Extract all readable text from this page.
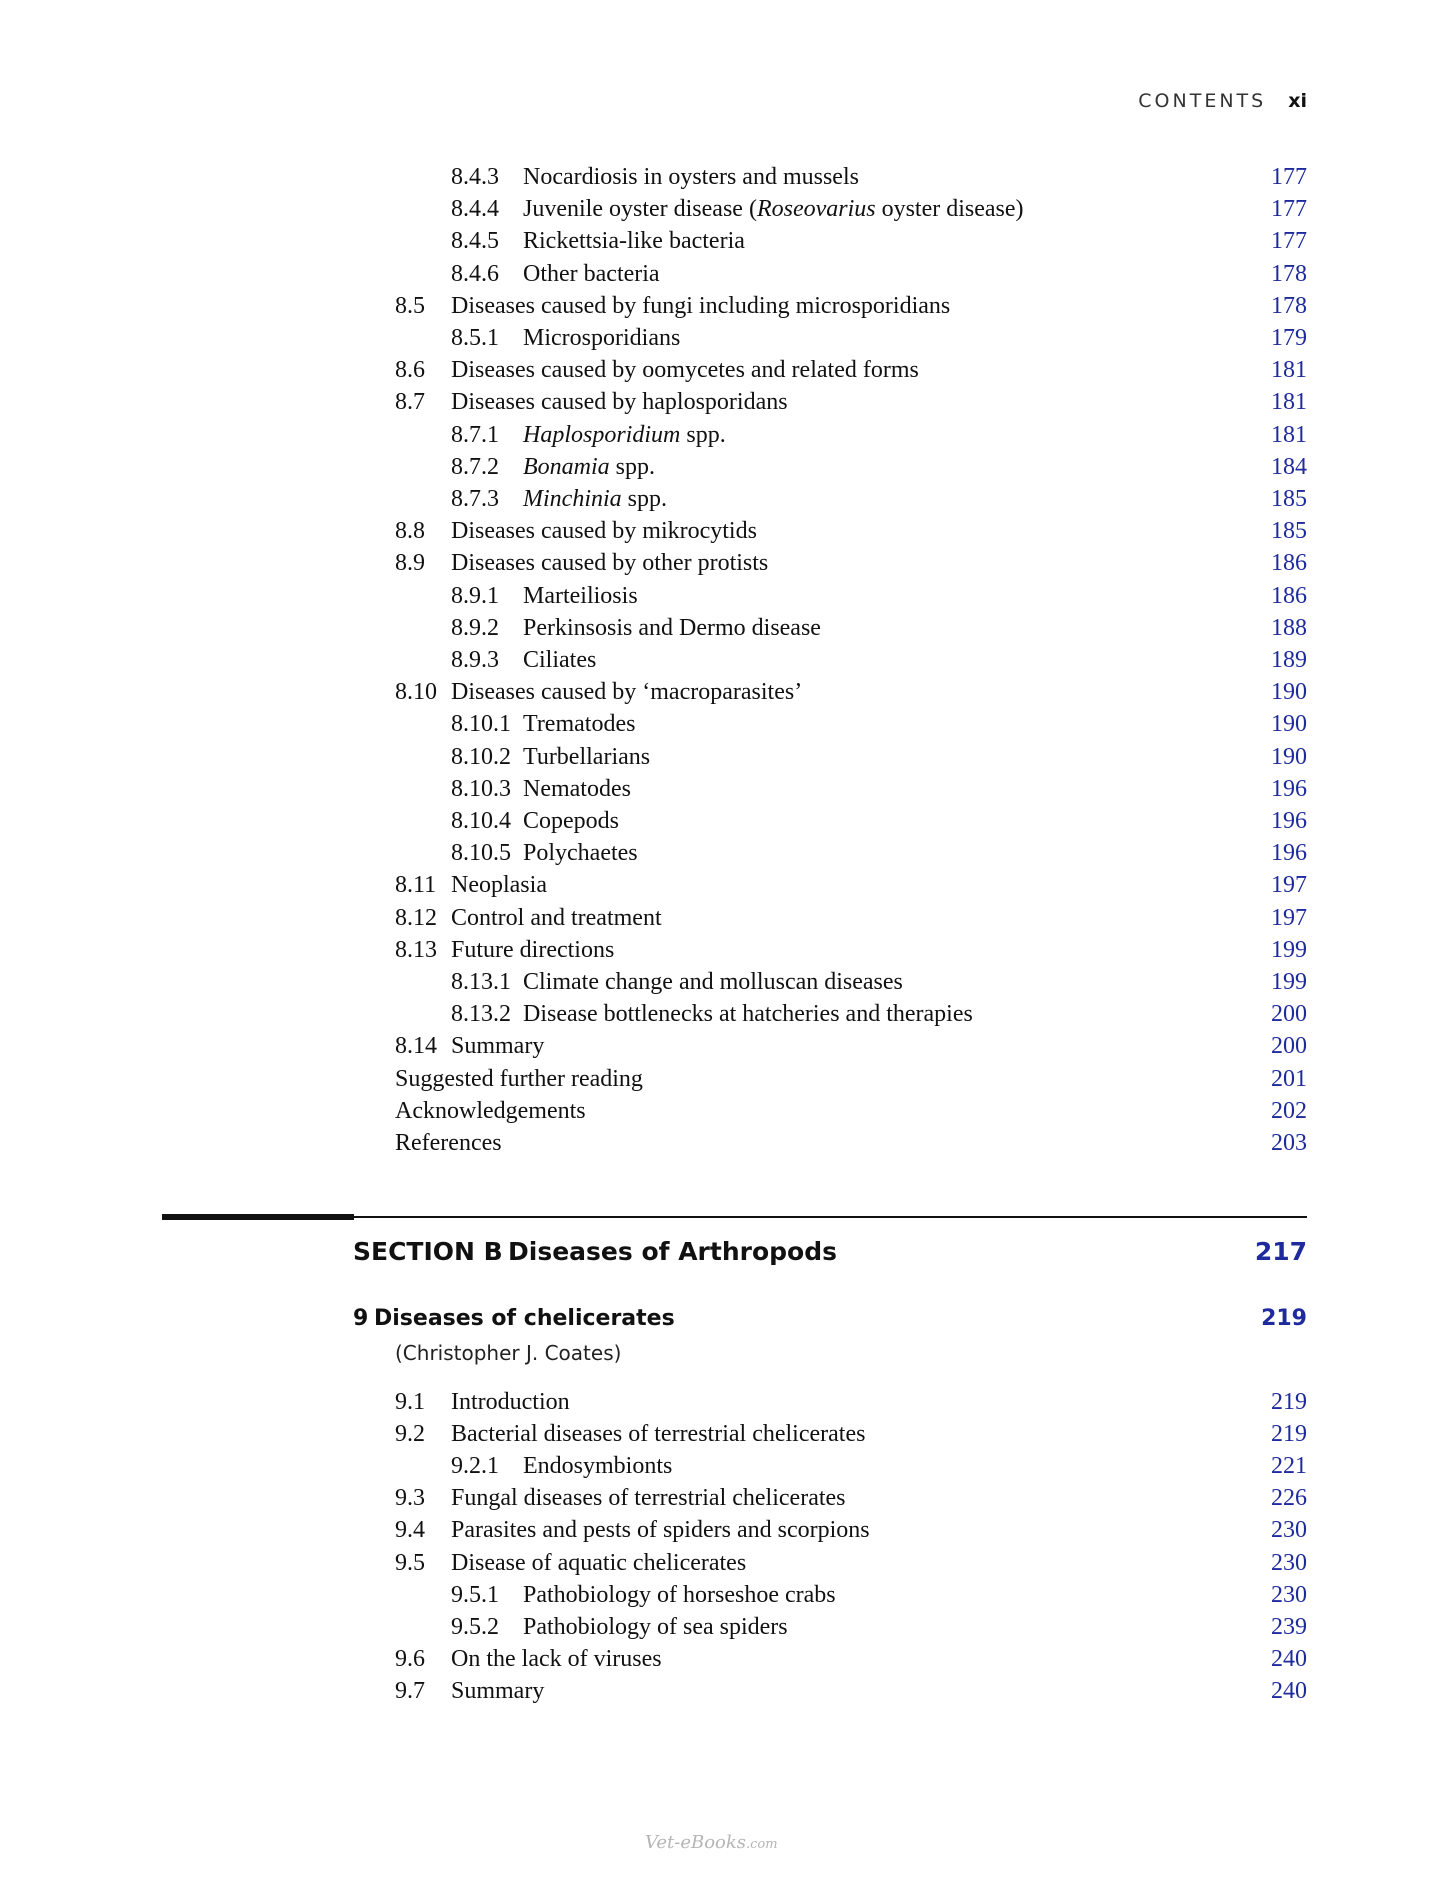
CONTENTS xi
8.4.3 Nocardiosis in oysters and mussels	177
8.4.4 Juvenile oyster disease (Roseovarius oyster disease)	177
8.4.5 Rickettsia-like bacteria	177
8.4.6 Other bacteria	178
8.5 Diseases caused by fungi including microsporidians	178
8.5.1 Microsporidians	179
8.6 Diseases caused by oomycetes and related forms	181
8.7 Diseases caused by haplosporidans	181
8.7.1 Haplosporidium spp.	181
8.7.2 Bonamia spp.	184
8.7.3 Minchinia spp.	185
8.8 Diseases caused by mikrocytids	185
8.9 Diseases caused by other protists	186
8.9.1 Marteiliosis	186
8.9.2 Perkinsosis and Dermo disease	188
8.9.3 Ciliates	189
8.10 Diseases caused by ‘macroparasites’	190
8.10.1 Trematodes	190
8.10.2 Turbellarians	190
8.10.3 Nematodes	196
8.10.4 Copepods	196
8.10.5 Polychaetes	196
8.11 Neoplasia	197
8.12 Control and treatment	197
8.13 Future directions	199
8.13.1 Climate change and molluscan diseases	199
8.13.2 Disease bottlenecks at hatcheries and therapies	200
8.14 Summary	200
Suggested further reading	201
Acknowledgements	202
References	203
SECTION B Diseases of Arthropods	217
9 Diseases of chelicerates	219
(Christopher J. Coates)
9.1 Introduction	219
9.2 Bacterial diseases of terrestrial chelicerates	219
9.2.1 Endosymbionts	221
9.3 Fungal diseases of terrestrial chelicerates	226
9.4 Parasites and pests of spiders and scorpions	230
9.5 Disease of aquatic chelicerates	230
9.5.1 Pathobiology of horseshoe crabs	230
9.5.2 Pathobiology of sea spiders	239
9.6 On the lack of viruses	240
9.7 Summary	240
Vet-eBooks.com
